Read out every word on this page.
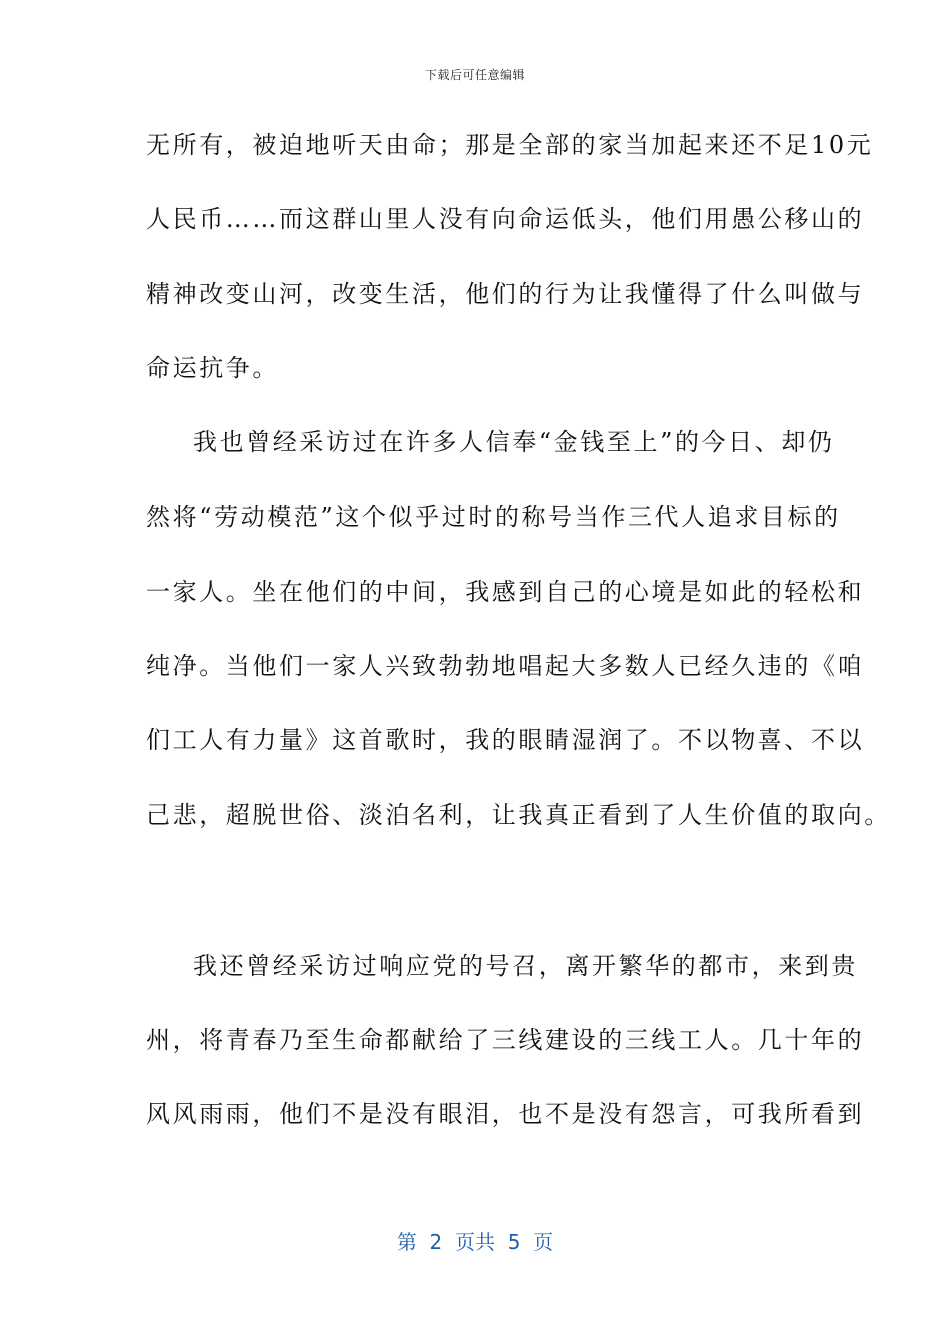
下载后可任意编辑
无所有，被迫地听天由命；那是全部的家当加起来还不足10元
人民币……而这群山里人没有向命运低头，他们用愚公移山的
精神改变山河，改变生活，他们的行为让我懂得了什么叫做与
命运抗争。
我也曾经采访过在许多人信奉“金钱至上”的今日、却仍
然将“劳动模范”这个似乎过时的称号当作三代人追求目标的
一家人。坐在他们的中间，我感到自己的心境是如此的轻松和
纯净。当他们一家人兴致勃勃地唱起大多数人已经久违的《咱
们工人有力量》这首歌时，我的眼睛湿润了。不以物喜、不以
己悲，超脱世俗、淡泊名利，让我真正看到了人生价值的取向。
我还曾经采访过响应党的号召，离开繁华的都市，来到贵
州，将青春乃至生命都献给了三线建设的三线工人。几十年的
风风雨雨，他们不是没有眼泪，也不是没有怨言，可我所看到
第  2  页共  5  页
